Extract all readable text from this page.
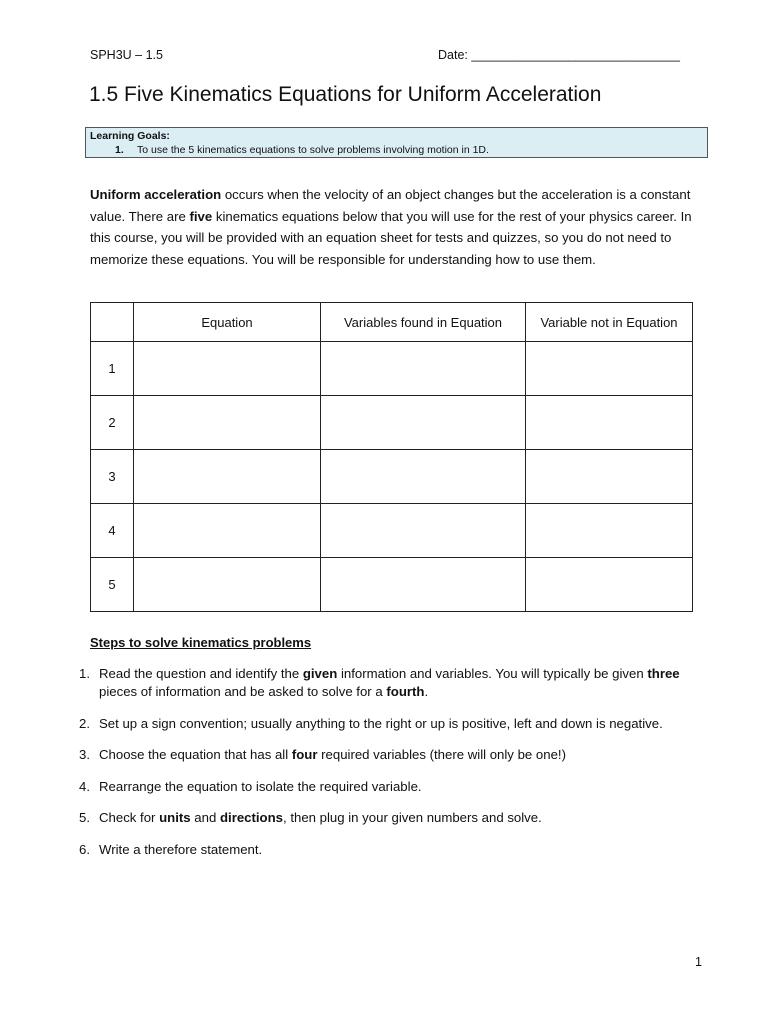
SPH3U – 1.5	Date: ______________________________
1.5 Five Kinematics Equations for Uniform Acceleration
Learning Goals:
1. To use the 5 kinematics equations to solve problems involving motion in 1D.
Uniform acceleration occurs when the velocity of an object changes but the acceleration is a constant value. There are five kinematics equations below that you will use for the rest of your physics career. In this course, you will be provided with an equation sheet for tests and quizzes, so you do not need to memorize these equations. You will be responsible for understanding how to use them.
	Equation	Variables found in Equation	Variable not in Equation
1			
2			
3			
4			
5			
Steps to solve kinematics problems
1. Read the question and identify the given information and variables. You will typically be given three pieces of information and be asked to solve for a fourth.
2. Set up a sign convention; usually anything to the right or up is positive, left and down is negative.
3. Choose the equation that has all four required variables (there will only be one!)
4. Rearrange the equation to isolate the required variable.
5. Check for units and directions, then plug in your given numbers and solve.
6. Write a therefore statement.
1
